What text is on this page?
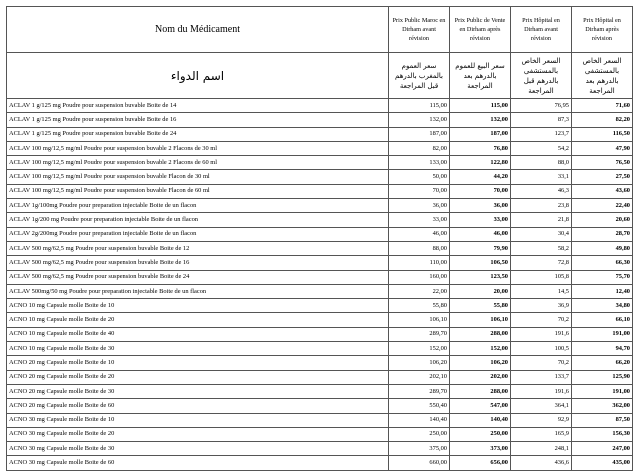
Nom du Médicament	Prix Public Maroc en Dirham avant révision	Prix Public de Vente en Dirham après révision	Prix Hôpital en Dirham avant révision	Prix Hôpital en Dirham après révision
اسم الدواء	سعر العموم بالمغرب بالدرهم قبل المراجعة	سعر البيع للعموم بالدرهم بعد المراجعة	السعر الخاص بالمستشفى بالدرهم قبل المراجعة	السعر الخاص بالمستشفى بالدرهم بعد المراجعة
ACLAV 1 g/125 mg Poudre pour suspension buvable Boite de 14	115,00	115,00	76,95	71,60
ACLAV 1 g/125 mg Poudre pour suspension buvable Boite de 16	132,00	132,00	87,3	82,20
ACLAV 1 g/125 mg Poudre pour suspension buvable Boite de 24	187,00	187,00	123,7	116,50
ACLAV 100 mg/12,5 mg/ml Poudre pour suspension buvable 2 Flacons de 30 ml	82,00	76,80	54,2	47,90
ACLAV 100 mg/12,5 mg/ml Poudre pour suspension buvable 2 Flacons de 60 ml	133,00	122,80	88,0	76,50
ACLAV 100 mg/12,5 mg/ml Poudre pour suspension buvable Flacon de 30 ml	50,00	44,20	33,1	27,50
ACLAV 100 mg/12,5 mg/ml Poudre pour suspension buvable Flacon de 60 ml	70,00	70,00	46,3	43,60
ACLAV 1g/100mg Poudre pour preparation injectable Boite de un flacon	36,00	36,00	23,8	22,40
ACLAV 1g/200 mg Poudre pour preparation injectable Boite de un flacon	33,00	33,00	21,8	20,60
ACLAV 2g/200mg Poudre pour preparation injectable Boite de un flacon	46,00	46,00	30,4	28,70
ACLAV 500 mg/62,5 mg Poudre pour suspension buvable Boite de 12	88,00	79,90	58,2	49,80
ACLAV 500 mg/62,5 mg Poudre pour suspension buvable Boite de 16	110,00	106,50	72,8	66,30
ACLAV 500 mg/62,5 mg Poudre pour suspension buvable Boite de 24	160,00	123,50	105,8	75,70
ACLAV 500mg/50 mg Poudre pour preparation injectable Boite de un flacon	22,00	20,00	14,5	12,40
ACNO 10 mg Capsule molle Boite de 10	55,80	55,80	36,9	34,80
ACNO 10 mg Capsule molle Boite de 20	106,10	106,10	70,2	66,10
ACNO 10 mg Capsule molle Boite de 40	289,70	288,00	191,6	191,00
ACNO 10 mg Capsule molle Boite de 30	152,00	152,00	100,5	94,70
ACNO 20 mg Capsule molle Boite de 10	106,20	106,20	70,2	66,20
ACNO 20 mg Capsule molle Boite de 20	202,10	202,00	133,7	125,90
ACNO 20 mg Capsule molle Boite de 30	289,70	288,00	191,6	191,00
ACNO 20 mg Capsule molle Boite de 60	550,40	547,00	364,1	362,00
ACNO 30 mg Capsule molle Boite de 10	140,40	140,40	92,9	87,50
ACNO 30 mg Capsule molle Boite de 20	250,00	250,00	165,9	156,30
ACNO 30 mg Capsule molle Boite de 30	375,00	373,00	248,1	247,00
ACNO 30 mg Capsule molle Boite de 60	660,00	656,00	436,6	435,00
